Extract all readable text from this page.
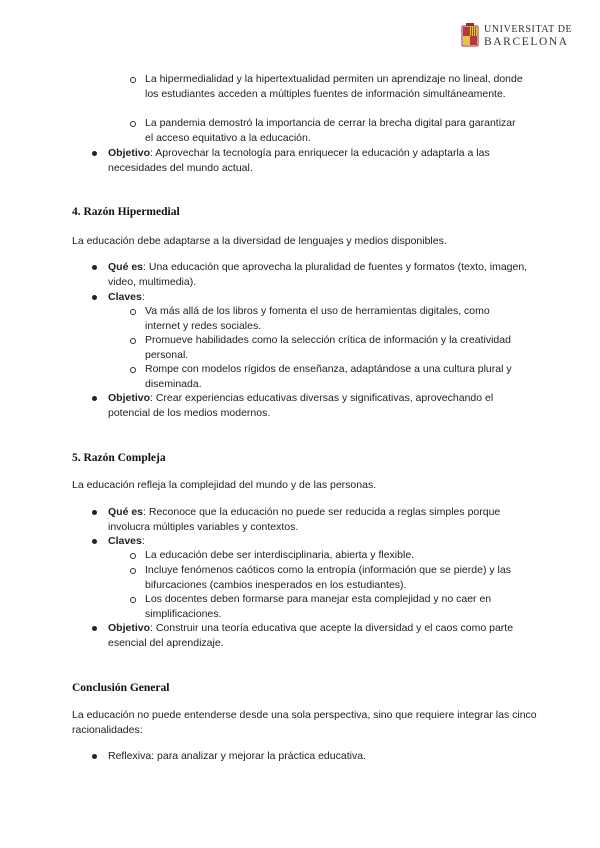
UNIVERSITAT DE
BARCELONA
La hipermedialidad y la hipertextualidad permiten un aprendizaje no lineal, donde los estudiantes acceden a múltiples fuentes de información simultáneamente.
La pandemia demostró la importancia de cerrar la brecha digital para garantizar el acceso equitativo a la educación.
Objetivo: Aprovechar la tecnología para enriquecer la educación y adaptarla a las necesidades del mundo actual.
4. Razón Hipermedial
La educación debe adaptarse a la diversidad de lenguajes y medios disponibles.
Qué es: Una educación que aprovecha la pluralidad de fuentes y formatos (texto, imagen, video, multimedia).
Claves:
Va más allá de los libros y fomenta el uso de herramientas digitales, como internet y redes sociales.
Promueve habilidades como la selección crítica de información y la creatividad personal.
Rompe con modelos rígidos de enseñanza, adaptándose a una cultura plural y diseminada.
Objetivo: Crear experiencias educativas diversas y significativas, aprovechando el potencial de los medios modernos.
5. Razón Compleja
La educación refleja la complejidad del mundo y de las personas.
Qué es: Reconoce que la educación no puede ser reducida a reglas simples porque involucra múltiples variables y contextos.
Claves:
La educación debe ser interdisciplinaria, abierta y flexible.
Incluye fenómenos caóticos como la entropía (información que se pierde) y las bifurcaciones (cambios inesperados en los estudiantes).
Los docentes deben formarse para manejar esta complejidad y no caer en simplificaciones.
Objetivo: Construir una teoría educativa que acepte la diversidad y el caos como parte esencial del aprendizaje.
Conclusión General
La educación no puede entenderse desde una sola perspectiva, sino que requiere integrar las cinco racionalidades:
Reflexiva: para analizar y mejorar la práctica educativa.
